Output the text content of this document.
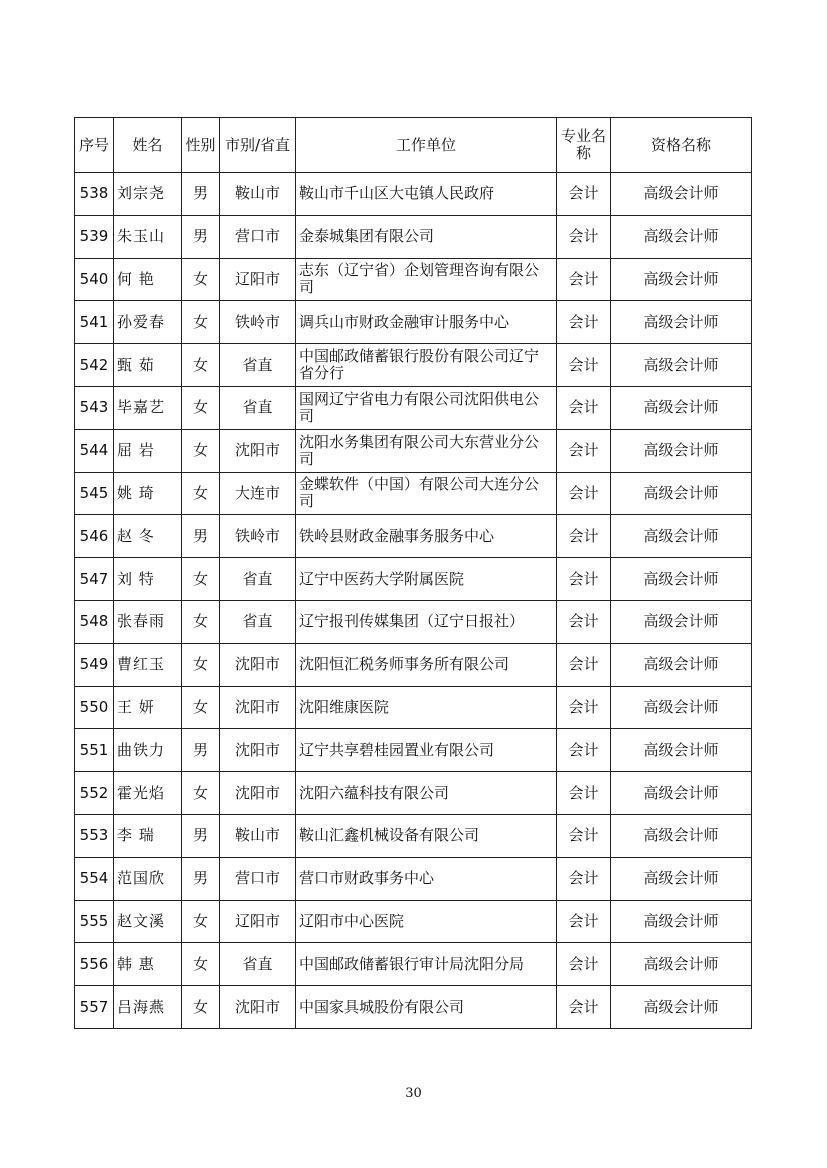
序号	姓名	性别	市别/省直	工作单位	专业名称	资格名称
538	刘宗尧	男	鞍山市	鞍山市千山区大屯镇人民政府	会计	高级会计师
539	朱玉山	男	营口市	金泰城集团有限公司	会计	高级会计师
540	何 艳	女	辽阳市	志东（辽宁省）企划管理咨询有限公司	会计	高级会计师
541	孙爱春	女	铁岭市	调兵山市财政金融审计服务中心	会计	高级会计师
542	甄 茹	女	省直	中国邮政储蓄银行股份有限公司辽宁省分行	会计	高级会计师
543	毕嘉艺	女	省直	国网辽宁省电力有限公司沈阳供电公司	会计	高级会计师
544	屈 岩	女	沈阳市	沈阳水务集团有限公司大东营业分公司	会计	高级会计师
545	姚 琦	女	大连市	金蝶软件（中国）有限公司大连分公司	会计	高级会计师
546	赵 冬	男	铁岭市	铁岭县财政金融事务服务中心	会计	高级会计师
547	刘 特	女	省直	辽宁中医药大学附属医院	会计	高级会计师
548	张春雨	女	省直	辽宁报刊传媒集团（辽宁日报社）	会计	高级会计师
549	曹红玉	女	沈阳市	沈阳恒汇税务师事务所有限公司	会计	高级会计师
550	王 妍	女	沈阳市	沈阳维康医院	会计	高级会计师
551	曲铁力	男	沈阳市	辽宁共享碧桂园置业有限公司	会计	高级会计师
552	霍光焰	女	沈阳市	沈阳六蕴科技有限公司	会计	高级会计师
553	李 瑞	男	鞍山市	鞍山汇鑫机械设备有限公司	会计	高级会计师
554	范国欣	男	营口市	营口市财政事务中心	会计	高级会计师
555	赵文溪	女	辽阳市	辽阳市中心医院	会计	高级会计师
556	韩 惠	女	省直	中国邮政储蓄银行审计局沈阳分局	会计	高级会计师
557	吕海燕	女	沈阳市	中国家具城股份有限公司	会计	高级会计师
30
